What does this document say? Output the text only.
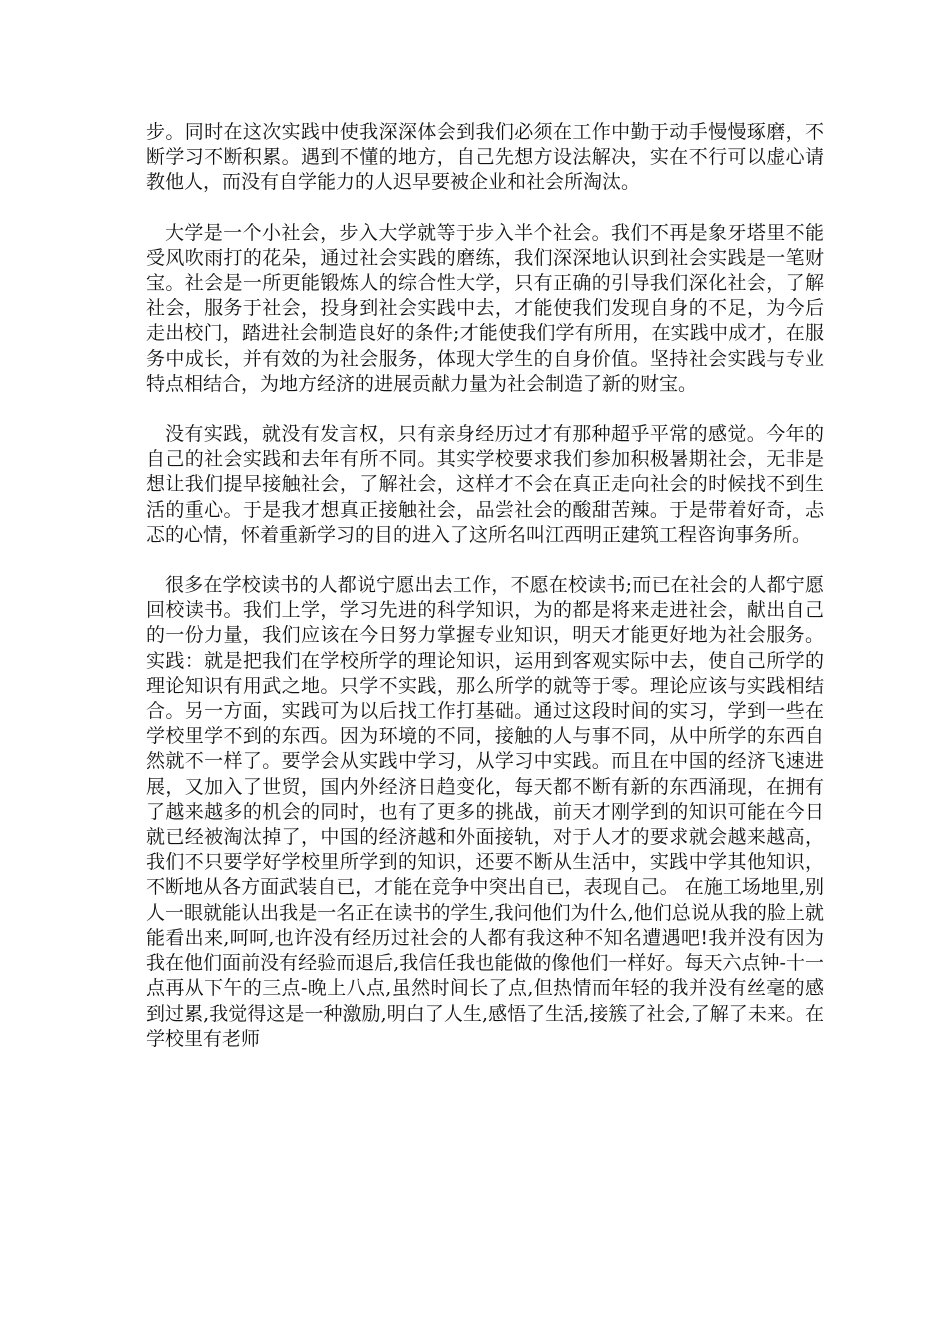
步。同时在这次实践中使我深深体会到我们必须在工作中勤于动手慢慢琢磨，不断学习不断积累。遇到不懂的地方，自己先想方设法解决，实在不行可以虚心请教他人，而没有自学能力的人迟早要被企业和社会所淘汰。

大学是一个小社会，步入大学就等于步入半个社会。我们不再是象牙塔里不能受风吹雨打的花朵，通过社会实践的磨练，我们深深地认识到社会实践是一笔财宝。社会是一所更能锻炼人的综合性大学，只有正确的引导我们深化社会，了解社会，服务于社会，投身到社会实践中去，才能使我们发现自身的不足，为今后走出校门，踏进社会制造良好的条件;才能使我们学有所用，在实践中成才，在服务中成长，并有效的为社会服务，体现大学生的自身价值。坚持社会实践与专业特点相结合，为地方经济的进展贡献力量为社会制造了新的财宝。

没有实践，就没有发言权，只有亲身经历过才有那种超乎平常的感觉。今年的自己的社会实践和去年有所不同。其实学校要求我们参加积极暑期社会，无非是想让我们提早接触社会，了解社会，这样才不会在真正走向社会的时候找不到生活的重心。于是我才想真正接触社会，品尝社会的酸甜苦辣。于是带着好奇，忐忑的心情，怀着重新学习的目的进入了这所名叫江西明正建筑工程咨询事务所。

很多在学校读书的人都说宁愿出去工作，不愿在校读书;而已在社会的人都宁愿回校读书。我们上学，学习先进的科学知识，为的都是将来走进社会，献出自己的一份力量，我们应该在今日努力掌握专业知识，明天才能更好地为社会服务。实践：就是把我们在学校所学的理论知识，运用到客观实际中去，使自己所学的理论知识有用武之地。只学不实践，那么所学的就等于零。理论应该与实践相结合。另一方面，实践可为以后找工作打基础。通过这段时间的实习，学到一些在学校里学不到的东西。因为环境的不同，接触的人与事不同，从中所学的东西自然就不一样了。要学会从实践中学习，从学习中实践。而且在中国的经济飞速进展，又加入了世贸，国内外经济日趋变化，每天都不断有新的东西涌现，在拥有了越来越多的机会的同时，也有了更多的挑战，前天才刚学到的知识可能在今日就已经被淘汰掉了，中国的经济越和外面接轨，对于人才的要求就会越来越高，我们不只要学好学校里所学到的知识，还要不断从生活中，实践中学其他知识，不断地从各方面武装自已，才能在竞争中突出自已，表现自己。 在施工场地里,别人一眼就能认出我是一名正在读书的学生,我问他们为什么,他们总说从我的脸上就能看出来,呵呵,也许没有经历过社会的人都有我这种不知名遭遇吧!我并没有因为我在他们面前没有经验而退后,我信任我也能做的像他们一样好。每天六点钟-十一点再从下午的三点-晚上八点,虽然时间长了点,但热情而年轻的我并没有丝毫的感到过累,我觉得这是一种激励,明白了人生,感悟了生活,接簇了社会,了解了未来。在学校里有老师
